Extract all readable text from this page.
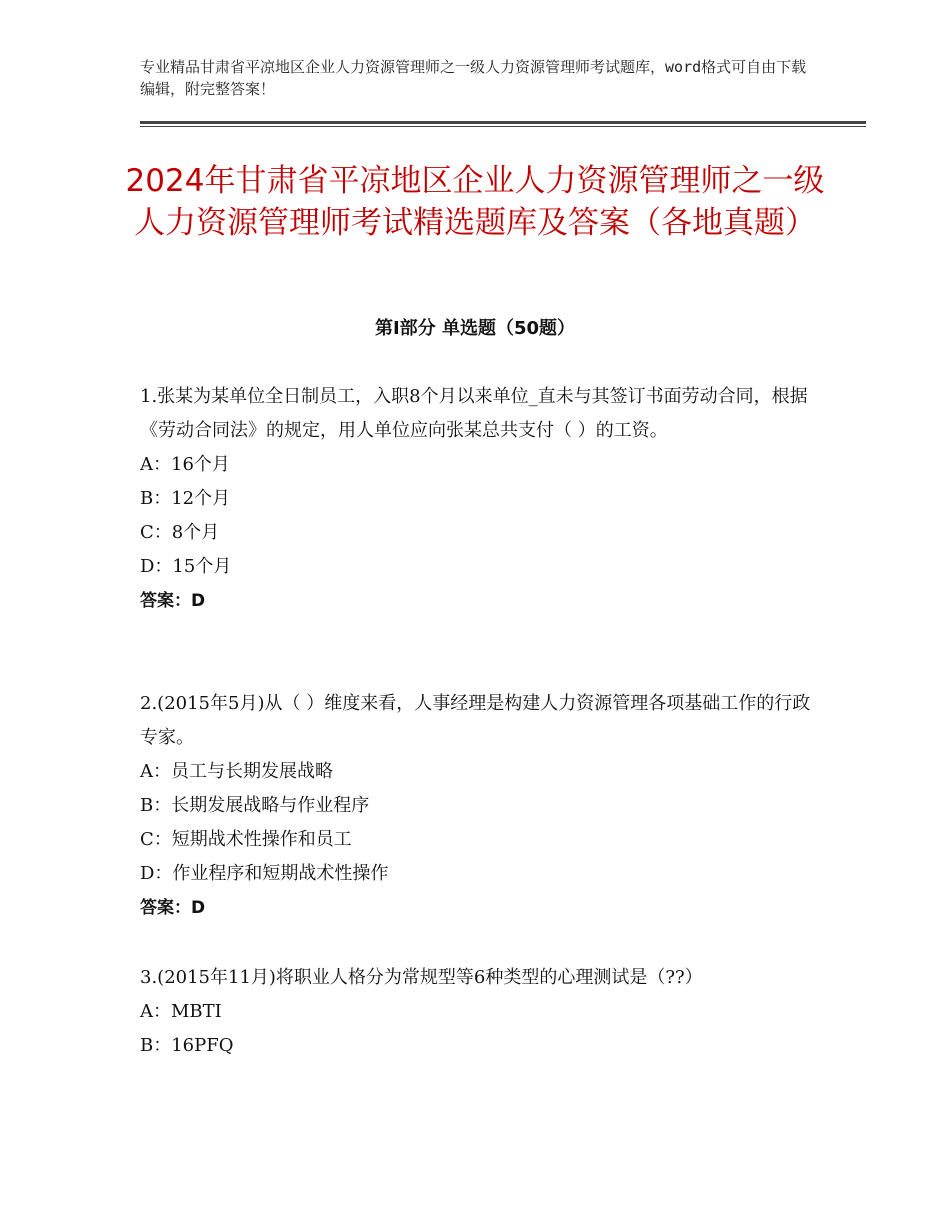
专业精品甘肃省平凉地区企业人力资源管理师之一级人力资源管理师考试题库，word格式可自由下载编辑，附完整答案！
2024年甘肃省平凉地区企业人力资源管理师之一级人力资源管理师考试精选题库及答案（各地真题）
第Ⅰ部分 单选题（50题）

1.张某为某单位全日制员工，入职8个月以来单位_直未与其签订书面劳动合同，根据 《劳动合同法》的规定，用人单位应向张某总共支付（ ）的工资。

A：16个月

B：12个月

C：8个月

D：15个月

答案：D

2.(2015年5月)从（ ）维度来看，人事经理是构建人力资源管理各项基础工作的行政专家。

A：员工与长期发展战略

B：长期发展战略与作业程序

C：短期战术性操作和员工

D：作业程序和短期战术性操作

答案：D

3.(2015年11月)将职业人格分为常规型等6种类型的心理测试是（??）

A：MBTI

B：16PFQ
